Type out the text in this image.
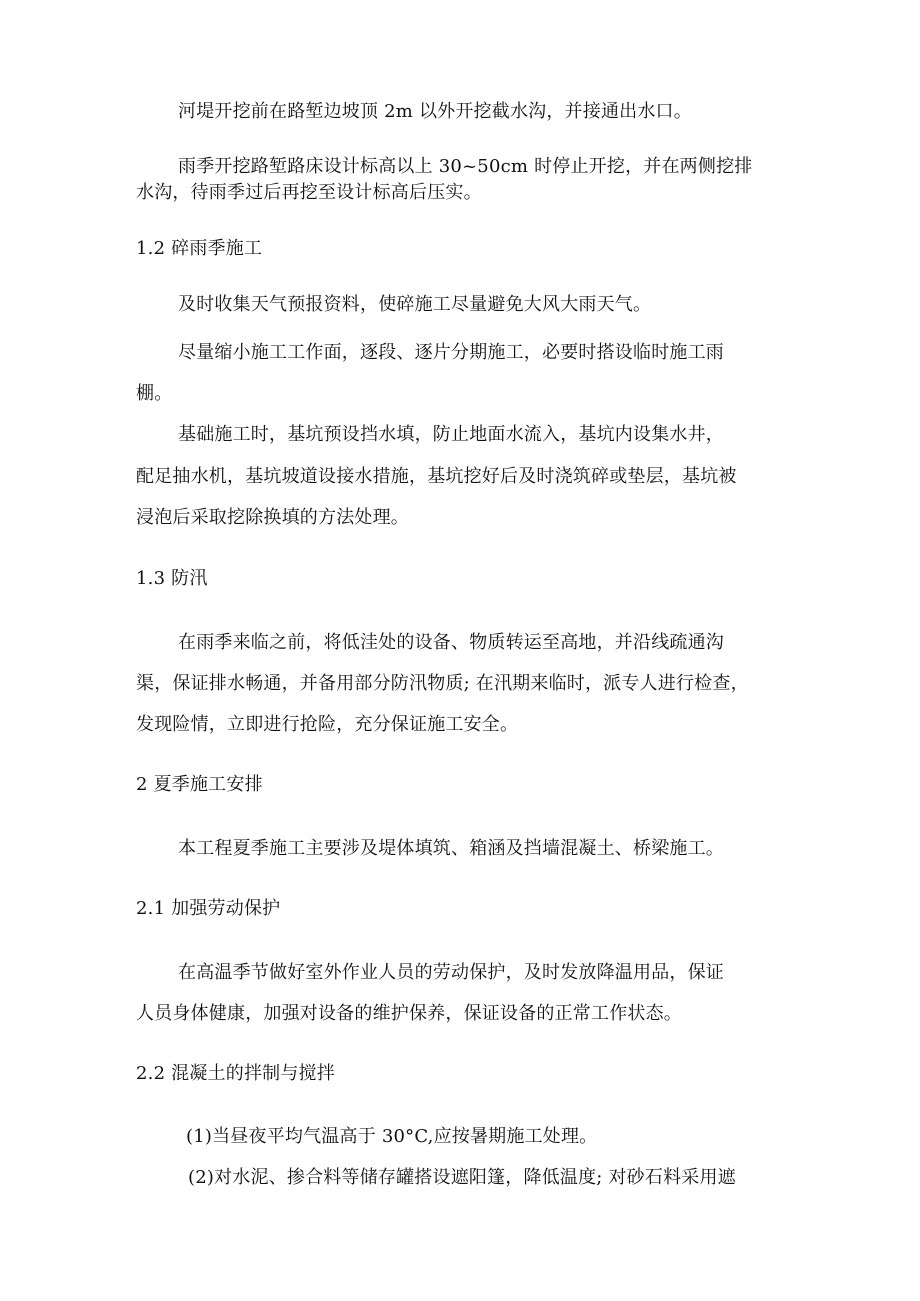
河堤开挖前在路堑边坡顶 2m 以外开挖截水沟，并接通出水口。
雨季开挖路堑路床设计标高以上 30~50cm 时停止开挖，并在两侧挖排
水沟，待雨季过后再挖至设计标高后压实。
1.2 碎雨季施工
及时收集天气预报资料，使碎施工尽量避免大风大雨天气。
尽量缩小施工工作面，逐段、逐片分期施工，必要时搭设临时施工雨
棚。
基础施工时，基坑预设挡水填，防止地面水流入，基坑内设集水井，
配足抽水机，基坑坡道设接水措施，基坑挖好后及时浇筑碎或垫层，基坑被
浸泡后采取挖除换填的方法处理。
1.3 防汛
在雨季来临之前，将低洼处的设备、物质转运至高地，并沿线疏通沟
渠，保证排水畅通，并备用部分防汛物质; 在汛期来临时，派专人进行检查，
发现险情，立即进行抢险，充分保证施工安全。
2 夏季施工安排
本工程夏季施工主要涉及堤体填筑、箱涵及挡墙混凝土、桥梁施工。
2.1 加强劳动保护
在高温季节做好室外作业人员的劳动保护，及时发放降温用品，保证
人员身体健康，加强对设备的维护保养，保证设备的正常工作状态。
2.2 混凝土的拌制与搅拌
(1)当昼夜平均气温高于 30°C,应按暑期施工处理。
(2)对水泥、掺合料等储存罐搭设遮阳篷，降低温度; 对砂石料采用遮
